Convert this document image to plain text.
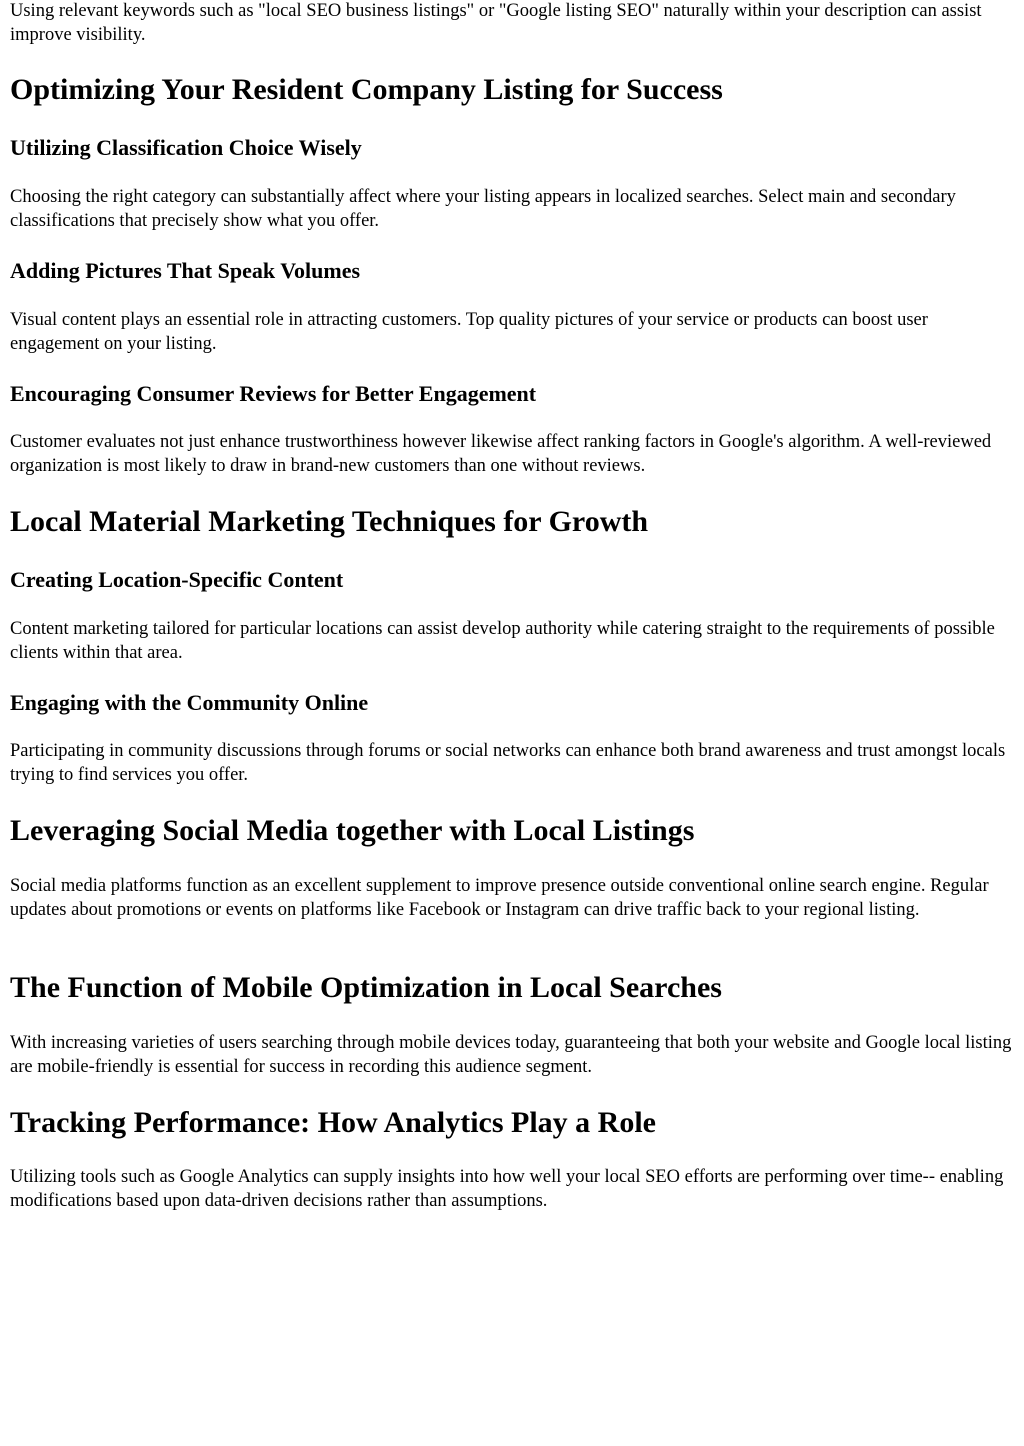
Using relevant keywords such as "local SEO business listings" or "Google listing SEO" naturally within your description can assist improve visibility.

Optimizing Your Resident Company Listing for Success
Utilizing Classification Choice Wisely

Choosing the right category can substantially affect where your listing appears in localized searches. Select main and secondary classifications that precisely show what you offer.

Adding Pictures That Speak Volumes

Visual content plays an essential role in attracting customers. Top quality pictures of your service or products can boost user engagement on your listing.

Encouraging Consumer Reviews for Better Engagement

Customer evaluates not just enhance trustworthiness however likewise affect ranking factors in Google's algorithm. A well-reviewed organization is most likely to draw in brand-new customers than one without reviews.

Local Material Marketing Techniques for Growth
Creating Location-Specific Content

Content marketing tailored for particular locations can assist develop authority while catering straight to the requirements of possible clients within that area.

Engaging with the Community Online

Participating in community discussions through forums or social networks can enhance both brand awareness and trust amongst locals trying to find services you offer.

Leveraging Social Media together with Local Listings

Social media platforms function as an excellent supplement to improve presence outside conventional online search engine. Regular updates about promotions or events on platforms like Facebook or Instagram can drive traffic back to your regional listing.

The Function of Mobile Optimization in Local Searches

With increasing varieties of users searching through mobile devices today, guaranteeing that both your website and Google local listing are mobile-friendly is essential for success in recording this audience segment.

Tracking Performance: How Analytics Play a Role

Utilizing tools such as Google Analytics can supply insights into how well your local SEO efforts are performing over time-- enabling modifications based upon data-driven decisions rather than assumptions.
